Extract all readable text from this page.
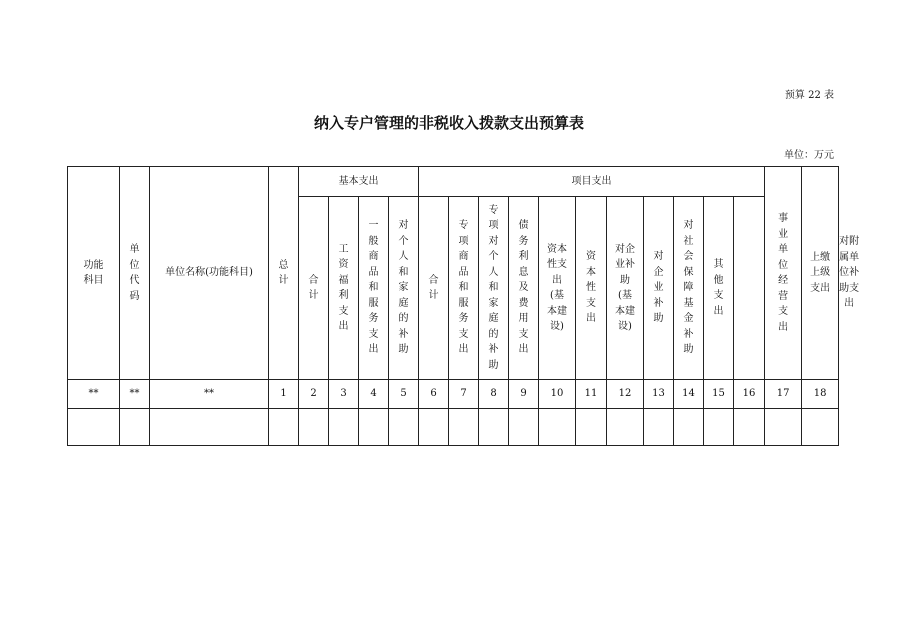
预算 22 表
纳入专户管理的非税收入拨款支出预算表
单位：万元
功能科目	单位代码	单位名称(功能科目)	总计	基本支出				项目支出											事业单位经营支出	上缴上级支出	对附属单位补助支出
				合计	工资福利支出	一般商品和服务支出	对个人和家庭的补助	合计	专项商品和服务支出	专项对个人和家庭的补助	债务利息及费用支出	资本性支出(基本建设)	资本性支出	对企业补助(基本建设)	对企业补助	对社会保障基金补助	其他支出				
**	**	**	1	2	3	4	5	6	7	8	9	10	11	12	13	14	15	16	17	18	
